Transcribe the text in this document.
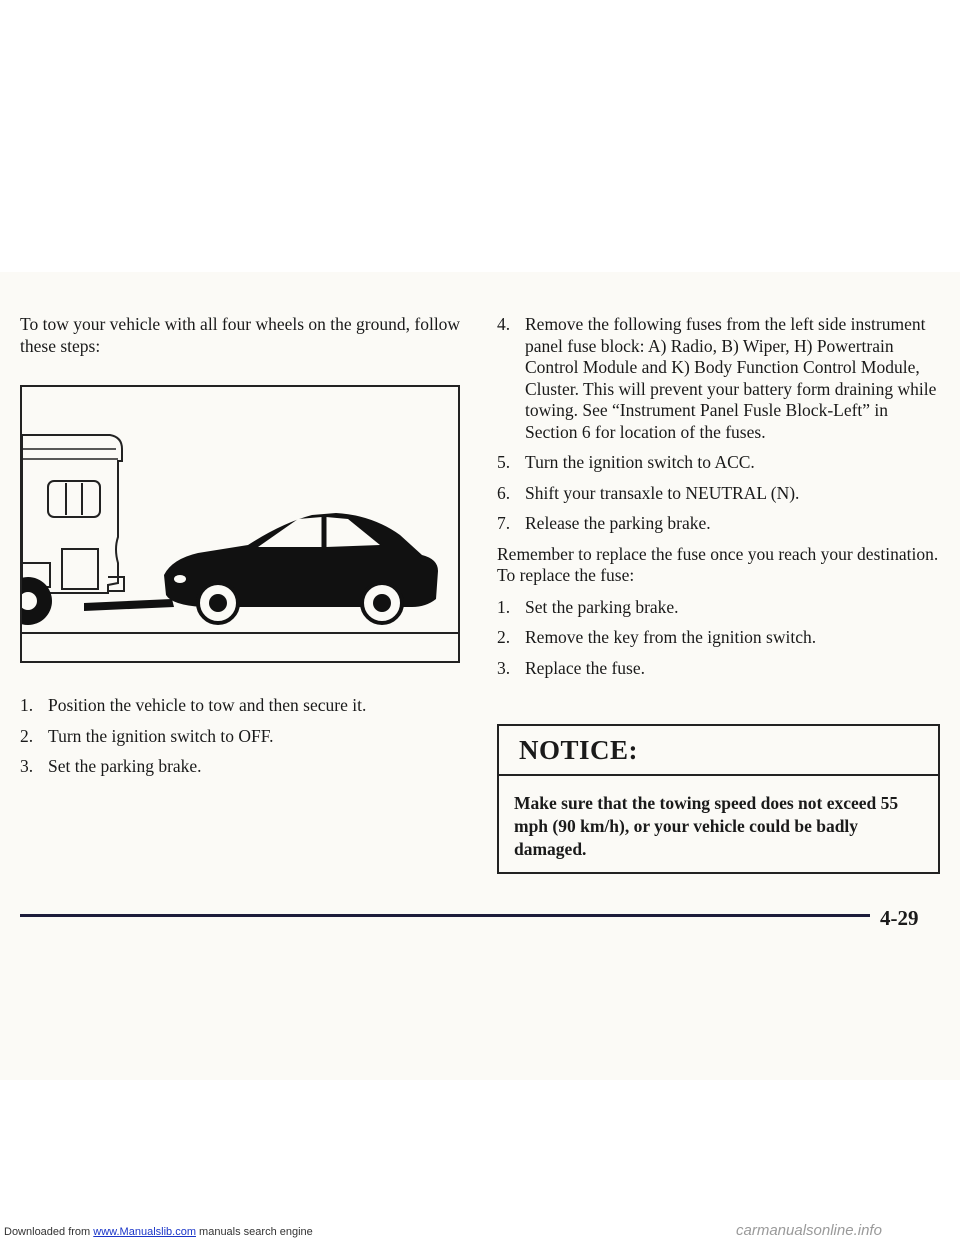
To tow your vehicle with all four wheels on the ground, follow these steps:

1. Position the vehicle to tow and then secure it.
2. Turn the ignition switch to OFF.
3. Set the parking brake.
4. Remove the following fuses from the left side instrument panel fuse block: A) Radio, B) Wiper, H) Powertrain Control Module and K) Body Function Control Module, Cluster. This will prevent your battery form draining while towing. See “Instrument Panel Fusle Block-Left” in Section 6 for location of the fuses.
5. Turn the ignition switch to ACC.
6. Shift your transaxle to NEUTRAL (N).
7. Release the parking brake.

Remember to replace the fuse once you reach your destination. To replace the fuse:

1. Set the parking brake.
2. Remove the key from the ignition switch.
3. Replace the fuse.
NOTICE:
Make sure that the towing speed does not exceed 55 mph (90 km/h), or your vehicle could be badly damaged.
4-29
Downloaded from www.Manualslib.com manuals search engine	carmanualsonline.info
